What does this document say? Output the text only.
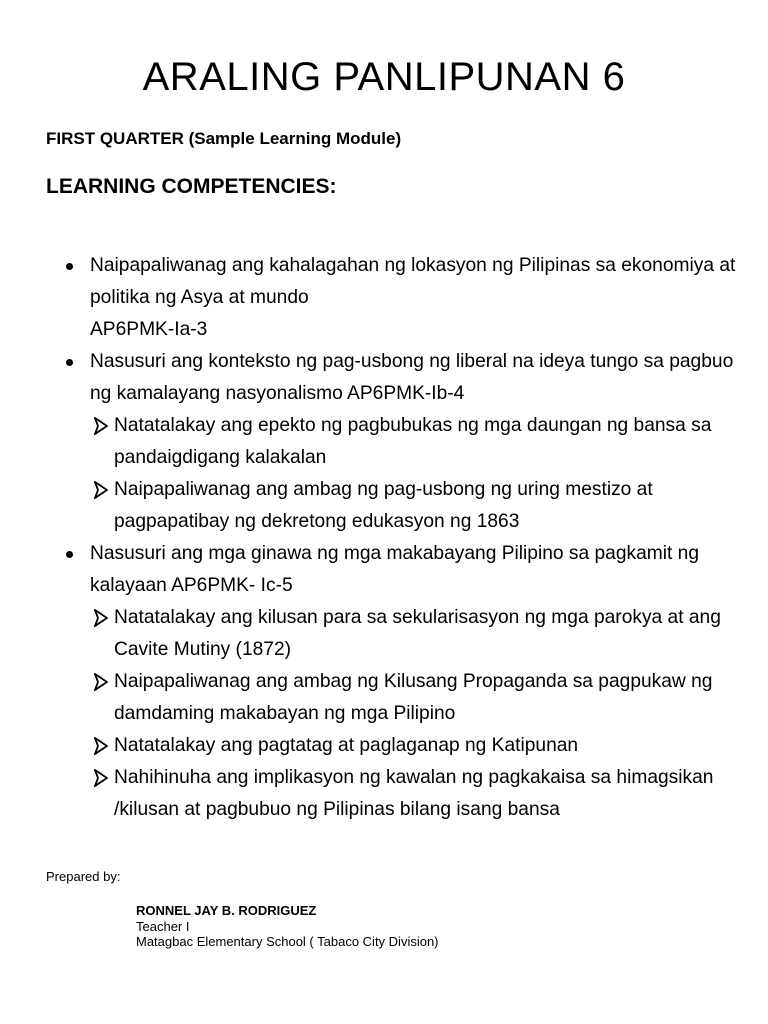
ARALING PANLIPUNAN 6
FIRST QUARTER (Sample Learning Module)
LEARNING COMPETENCIES:
Naipapaliwanag ang kahalagahan ng lokasyon ng Pilipinas sa ekonomiya at politika ng Asya at mundo
AP6PMK-Ia-3
Nasusuri ang konteksto ng pag-usbong ng liberal na ideya tungo sa pagbuo ng kamalayang nasyonalismo AP6PMK-Ib-4
Natatalakay ang epekto ng pagbubukas ng mga daungan ng bansa sa pandaigdigang kalakalan
Naipapaliwanag ang ambag ng pag-usbong ng uring mestizo at pagpapatibay ng dekretong edukasyon ng 1863
Nasusuri ang mga ginawa ng mga makabayang Pilipino sa pagkamit ng kalayaan AP6PMK- Ic-5
Natatalakay ang kilusan para sa sekularisasyon ng mga parokya at ang Cavite Mutiny (1872)
Naipapaliwanag ang ambag ng Kilusang Propaganda sa pagpukaw ng damdaming makabayan ng mga Pilipino
Natatalakay ang pagtatag at paglaganap ng Katipunan
Nahihinuha ang implikasyon ng kawalan ng pagkakaisa sa himagsikan /kilusan at pagbubuo ng Pilipinas bilang isang bansa
Prepared by:
RONNEL JAY B. RODRIGUEZ
Teacher I
Matagbac Elementary School ( Tabaco City Division)
